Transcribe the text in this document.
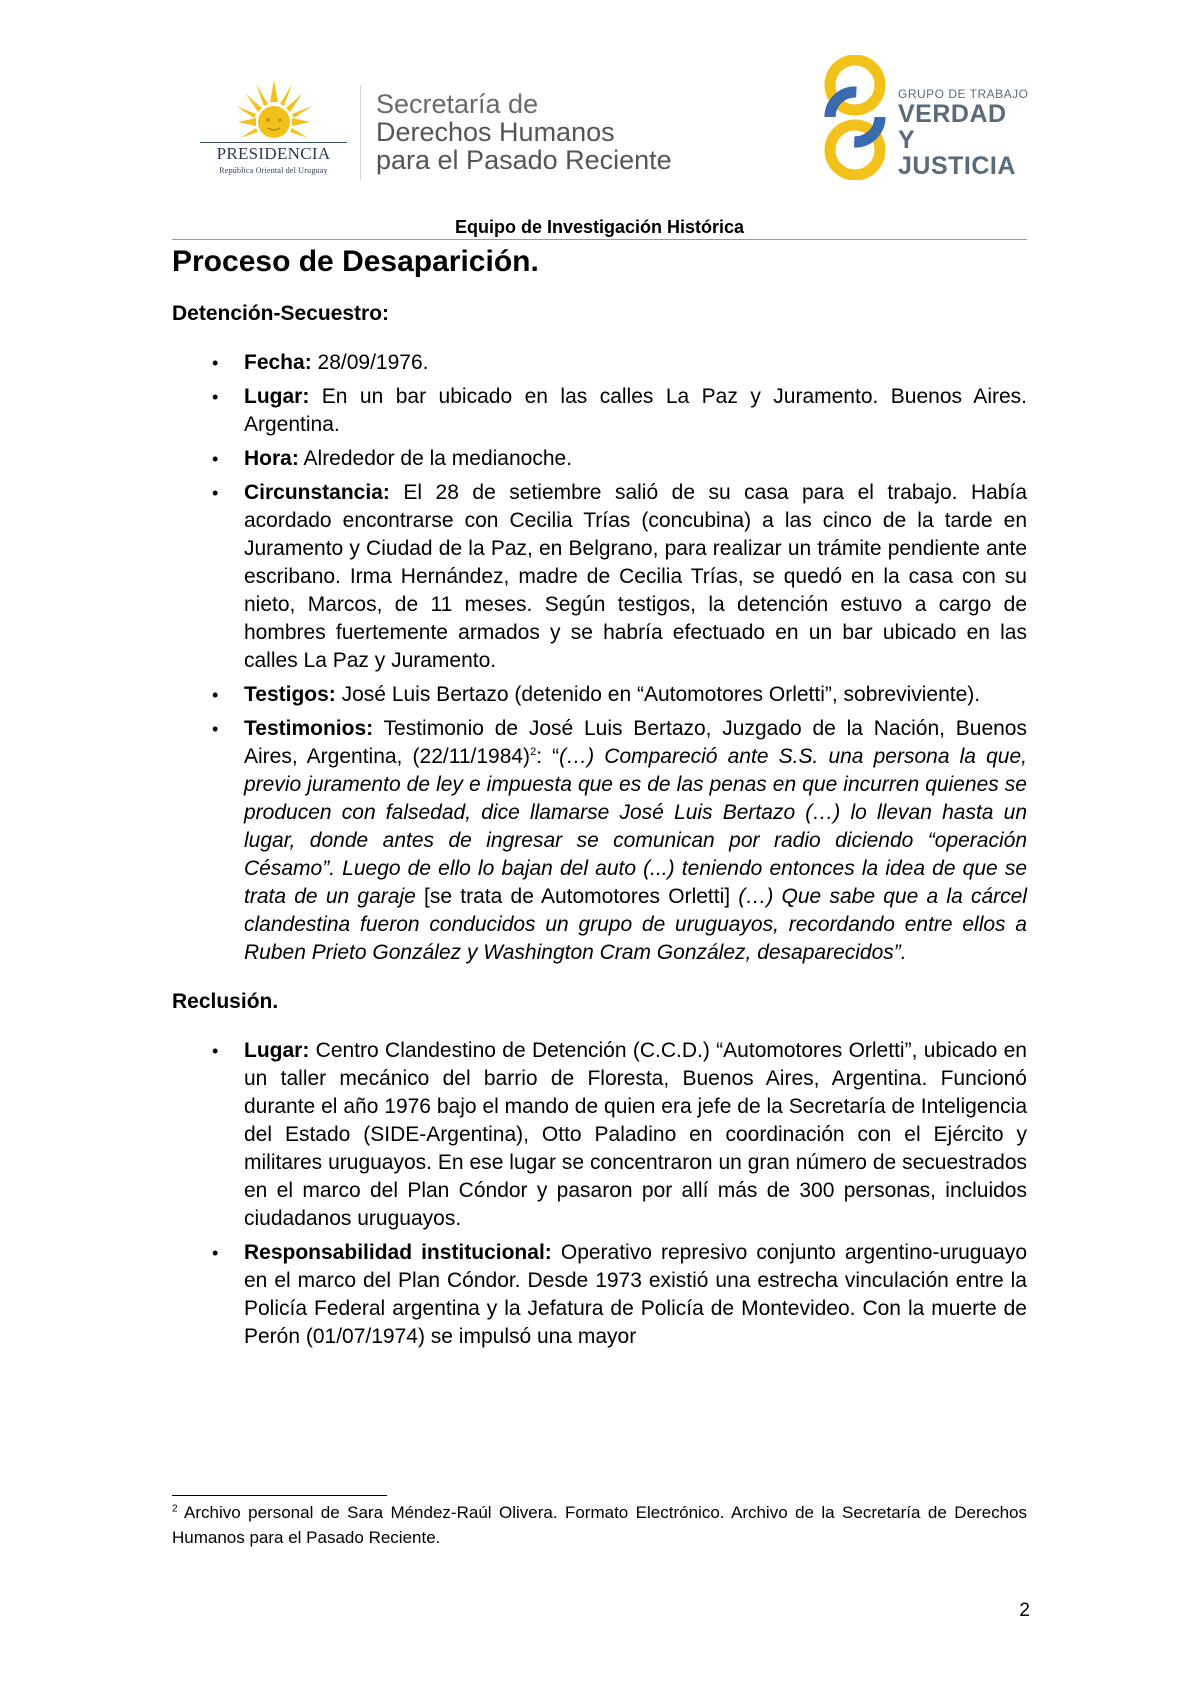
PRESIDENCIA
República Oriental del Uruguay
Secretaría de
Derechos Humanos
para el Pasado Reciente
GRUPO DE TRABAJO
VERDAD Y
JUSTICIA
Equipo de Investigación Histórica
Proceso de Desaparición.
Detención-Secuestro:
• Fecha: 28/09/1976.
• Lugar: En un bar ubicado en las calles La Paz y Juramento. Buenos Aires. Argentina.
• Hora: Alrededor de la medianoche.
• Circunstancia: El 28 de setiembre salió de su casa para el trabajo. Había acordado encontrarse con Cecilia Trías (concubina) a las cinco de la tarde en Juramento y Ciudad de la Paz, en Belgrano, para realizar un trámite pendiente ante escribano. Irma Hernández, madre de Cecilia Trías, se quedó en la casa con su nieto, Marcos, de 11 meses. Según testigos, la detención estuvo a cargo de hombres fuertemente armados y se habría efectuado en un bar ubicado en las calles La Paz y Juramento.
• Testigos: José Luis Bertazo (detenido en “Automotores Orletti”, sobreviviente).
• Testimonios: Testimonio de José Luis Bertazo, Juzgado de la Nación, Buenos Aires, Argentina, $(22/11/1984)^2$: “(…) Compareció ante S.S. una persona la que, previo juramento de ley e impuesta que es de las penas en que incurren quienes se producen con falsedad, dice llamarse José Luis Bertazo (…) lo llevan hasta un lugar, donde antes de ingresar se comunican por radio diciendo “operación Césamo”. Luego de ello lo bajan del auto (...) teniendo entonces la idea de que se trata de un garaje [se trata de Automotores Orletti] (…) Que sabe que a la cárcel clandestina fueron conducidos un grupo de uruguayos, recordando entre ellos a Ruben Prieto González y Washington Cram González, desaparecidos”.
Reclusión.
• Lugar: Centro Clandestino de Detención (C.C.D.) “Automotores Orletti”, ubicado en un taller mecánico del barrio de Floresta, Buenos Aires, Argentina. Funcionó durante el año 1976 bajo el mando de quien era jefe de la Secretaría de Inteligencia del Estado (SIDE-Argentina), Otto Paladino en coordinación con el Ejército y militares uruguayos. En ese lugar se concentraron un gran número de secuestrados en el marco del Plan Cóndor y pasaron por allí más de 300 personas, incluidos ciudadanos uruguayos.
• Responsabilidad institucional: Operativo represivo conjunto argentino-uruguayo en el marco del Plan Cóndor. Desde 1973 existió una estrecha vinculación entre la Policía Federal argentina y la Jefatura de Policía de Montevideo. Con la muerte de Perón (01/07/1974) se impulsó una mayor
$^2$ Archivo personal de Sara Méndez-Raúl Olivera. Formato Electrónico. Archivo de la Secretaría de Derechos Humanos para el Pasado Reciente.
2
